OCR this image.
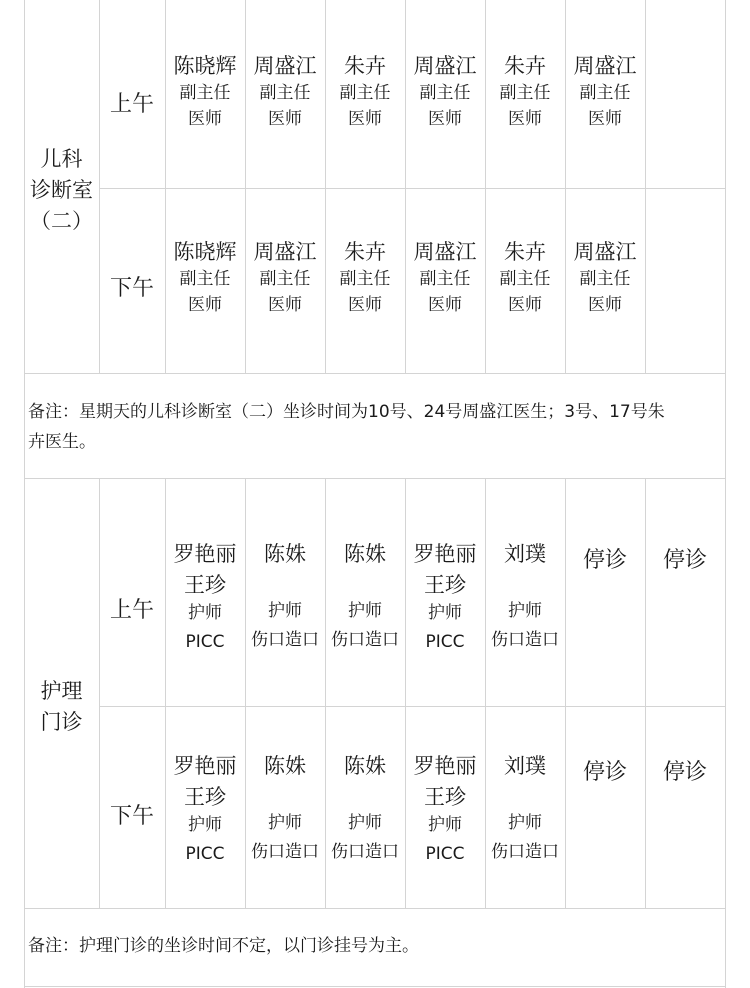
儿科
诊断室
（二）
上午
下午
陈晓辉
副主任
医师
周盛江
副主任
医师
朱卉
副主任
医师
周盛江
副主任
医师
朱卉
副主任
医师
周盛江
副主任
医师
陈晓辉
副主任
医师
周盛江
副主任
医师
朱卉
副主任
医师
周盛江
副主任
医师
朱卉
副主任
医师
周盛江
副主任
医师
备注：星期天的儿科诊断室（二）坐诊时间为10号、24号周盛江医生；3号、17号朱
卉医生。
护理
门诊
上午
下午
罗艳丽
王珍
护师
PICC
陈姝
护师
伤口造口
陈姝
护师
伤口造口
罗艳丽
王珍
护师
PICC
刘璞
护师
伤口造口
停诊	停诊
罗艳丽
王珍
护师
PICC
陈姝
护师
伤口造口
陈姝
护师
伤口造口
罗艳丽
王珍
护师
PICC
刘璞
护师
伤口造口
停诊	停诊
备注：护理门诊的坐诊时间不定，以门诊挂号为主。
